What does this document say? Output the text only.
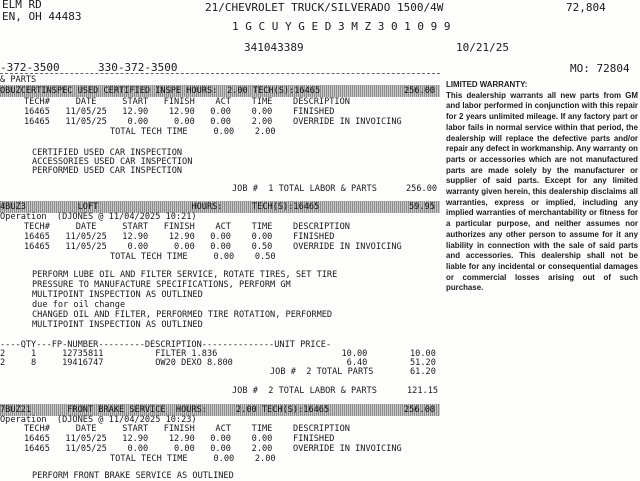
ELM RD
EN, OH 44483
21/CHEVROLET TRUCK/SILVERADO 1500/4W	72,804
1 G C U Y G E D 3 M Z 3 0 1 0 9 9
341043389	10/21/25
-372-3500	330-372-3500	MO: 72804
& PARTS	LIMITED WARRANTY:
This dealership warrants all new parts from GM and labor performed in conjunction with this repair for 2 years unlimited mileage. If any factory part or labor fails in normal service within that period, the dealership will replace the defective parts and/or repair any defect in workmanship. Any warranty on parts or accessories which are not manufactured parts are made solely by the manufacturer or supplier of said parts. Except for any limited warranty given herein, this dealership disclaims all warranties, express or implied, including any implied warranties of merchantability or fitness for a particular purpose, and neither assumes nor authorizes any other person to assume for it any liability in connection with the sale of said parts and accessories. This dealership shall not be liable for any incidental or consequential damages or commercial losses arising out of such purchase.
OBUZCERTINSPEC USED CERTIFIED INSPE HOURS: 2.00 TECH(S):16465	256.00
TECH#     DATE     START   FINISH    ACT    TIME    DESCRIPTION
16465   11/05/25   12.90    12.90   0.00    0.00    FINISHED
16465   11/05/25    0.00     0.00   0.00    2.00    OVERRIDE IN INVOICING
TOTAL TECH TIME     0.00    2.00
CERTIFIED USED CAR INSPECTION
ACCESSORIES USED CAR INSPECTION
PERFORMED USED CAR INSPECTION
JOB #  1 TOTAL LABOR & PARTS	256.00
4BUZ3          LOFT                  HOURS:	TECH(S):16465	59.95
Operation  (DJONES @ 11/04/2025 10:21)
TECH#     DATE     START   FINISH    ACT    TIME    DESCRIPTION
16465   11/05/25   12.90    12.90   0.00    0.00    FINISHED
16465   11/05/25    0.00     0.00   0.00    0.50    OVERRIDE IN INVOICING
TOTAL TECH TIME     0.00    0.50
PERFORM LUBE OIL AND FILTER SERVICE, ROTATE TIRES, SET TIRE
PRESSURE TO MANUFACTURE SPECIFICATIONS, PERFORM GM
MULTIPOINT INSPECTION AS OUTLINED
due for oil change
CHANGED OIL AND FILTER, PERFORMED TIRE ROTATION, PERFORMED
MULTIPOINT INSPECTION AS OUTLINED
----QTY---FP-NUMBER---------DESCRIPTION--------------UNIT PRICE-
2     1     12735811          FILTER 1.836                        10.00	10.00
2     8     19416747          OW20 DEXO 8.800                      6.40	51.20
JOB #  2 TOTAL PARTS	61.20
JOB #  2 TOTAL LABOR & PARTS	121.15
7BUZ21       FRONT BRAKE SERVICE  HOURS:	2.00 TECH(S):16465	256.00
Operation  (DJONES @ 11/04/2025 10:23)
TECH#     DATE     START   FINISH    ACT    TIME    DESCRIPTION
16465   11/05/25   12.90    12.90   0.00    0.00    FINISHED
16465   11/05/25    0.00     0.00   0.00    2.00    OVERRIDE IN INVOICING
TOTAL TECH TIME     0.00    2.00
PERFORM FRONT BRAKE SERVICE AS OUTLINED
